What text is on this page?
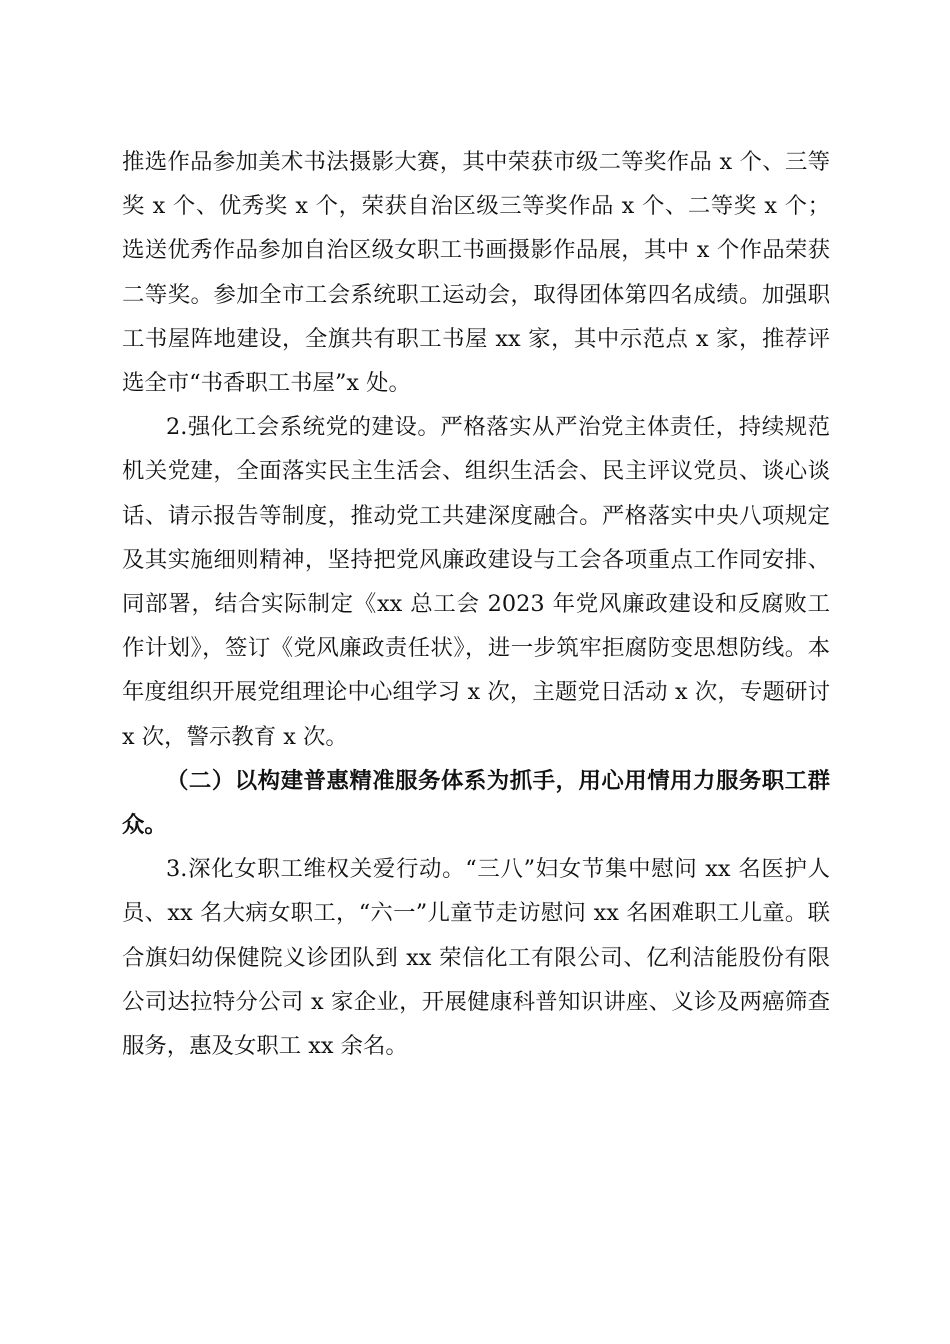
推选作品参加美术书法摄影大赛，其中荣获市级二等奖作品 x 个、三等奖 x 个、优秀奖 x 个，荣获自治区级三等奖作品 x 个、二等奖 x 个；选送优秀作品参加自治区级女职工书画摄影作品展，其中 x 个作品荣获二等奖。参加全市工会系统职工运动会，取得团体第四名成绩。加强职工书屋阵地建设，全旗共有职工书屋 xx 家，其中示范点 x 家，推荐评选全市“书香职工书屋”x 处。

2.强化工会系统党的建设。严格落实从严治党主体责任，持续规范机关党建，全面落实民主生活会、组织生活会、民主评议党员、谈心谈话、请示报告等制度，推动党工共建深度融合。严格落实中央八项规定及其实施细则精神，坚持把党风廉政建设与工会各项重点工作同安排、同部署，结合实际制定《xx 总工会 2023 年党风廉政建设和反腐败工作计划》，签订《党风廉政责任状》，进一步筑牢拒腐防变思想防线。本年度组织开展党组理论中心组学习 x 次，主题党日活动 x 次，专题研讨 x 次，警示教育 x 次。

（二）以构建普惠精准服务体系为抓手，用心用情用力服务职工群众。

3.深化女职工维权关爱行动。“三八”妇女节集中慰问 xx 名医护人员、xx 名大病女职工，“六一”儿童节走访慰问 xx 名困难职工儿童。联合旗妇幼保健院义诊团队到 xx 荣信化工有限公司、亿利洁能股份有限公司达拉特分公司 x 家企业，开展健康科普知识讲座、义诊及两癌筛查服务，惠及女职工 xx 余名。
